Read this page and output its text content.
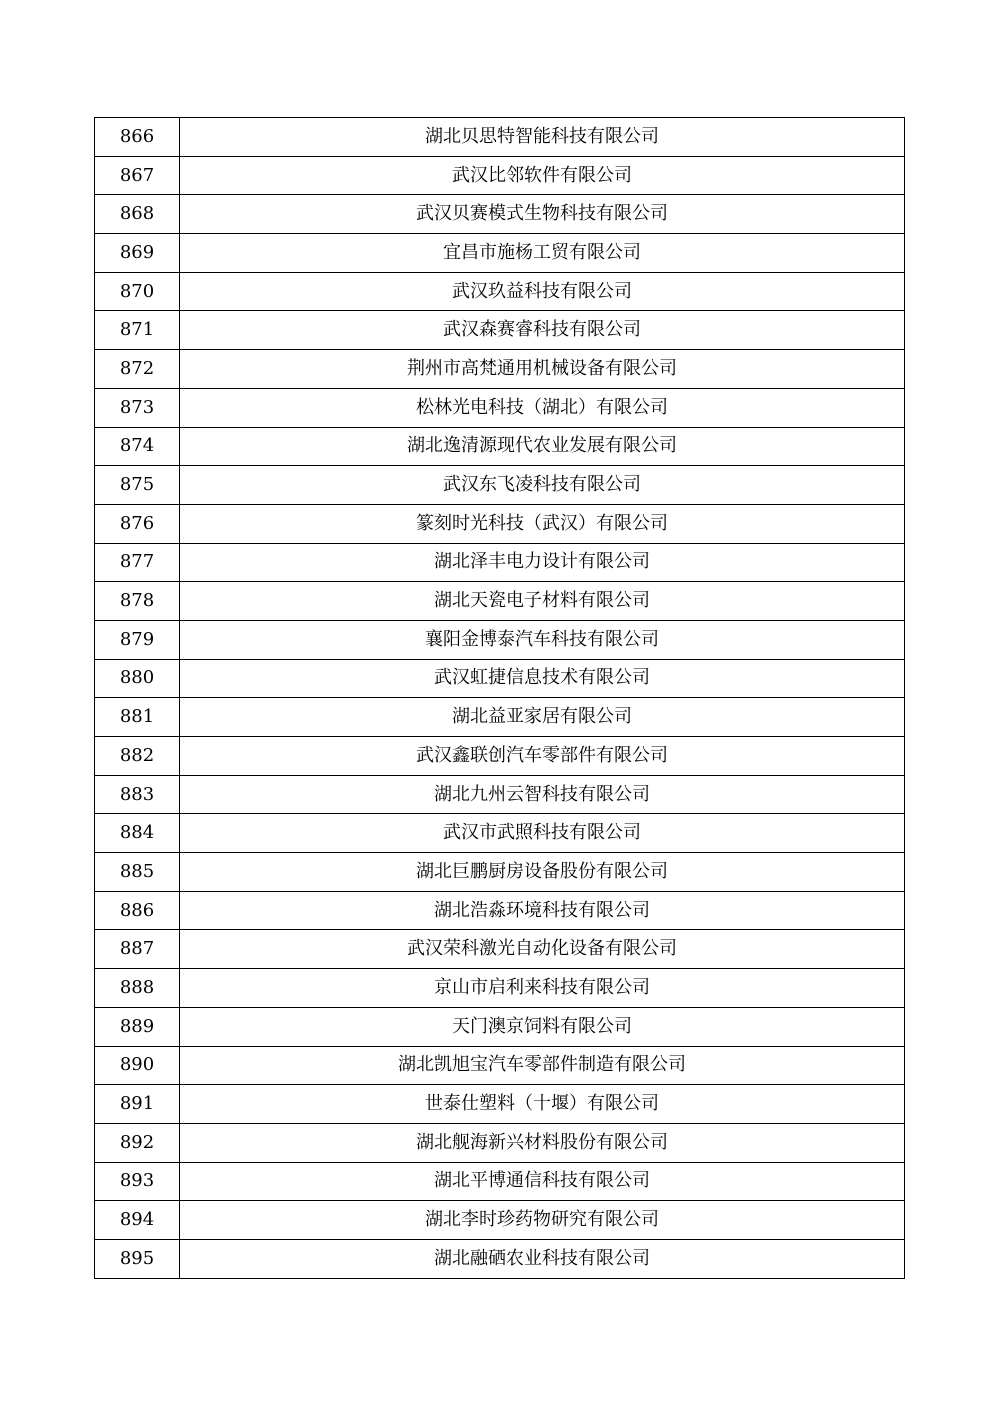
866	湖北贝思特智能科技有限公司
867	武汉比邻软件有限公司
868	武汉贝赛模式生物科技有限公司
869	宜昌市施杨工贸有限公司
870	武汉玖益科技有限公司
871	武汉森赛睿科技有限公司
872	荆州市高梵通用机械设备有限公司
873	松林光电科技（湖北）有限公司
874	湖北逸清源现代农业发展有限公司
875	武汉东飞凌科技有限公司
876	篆刻时光科技（武汉）有限公司
877	湖北泽丰电力设计有限公司
878	湖北天瓷电子材料有限公司
879	襄阳金博泰汽车科技有限公司
880	武汉虹捷信息技术有限公司
881	湖北益亚家居有限公司
882	武汉鑫联创汽车零部件有限公司
883	湖北九州云智科技有限公司
884	武汉市武照科技有限公司
885	湖北巨鹏厨房设备股份有限公司
886	湖北浩淼环境科技有限公司
887	武汉荣科激光自动化设备有限公司
888	京山市启利来科技有限公司
889	天门澳京饲料有限公司
890	湖北凯旭宝汽车零部件制造有限公司
891	世泰仕塑料（十堰）有限公司
892	湖北舰海新兴材料股份有限公司
893	湖北平博通信科技有限公司
894	湖北李时珍药物研究有限公司
895	湖北融硒农业科技有限公司
